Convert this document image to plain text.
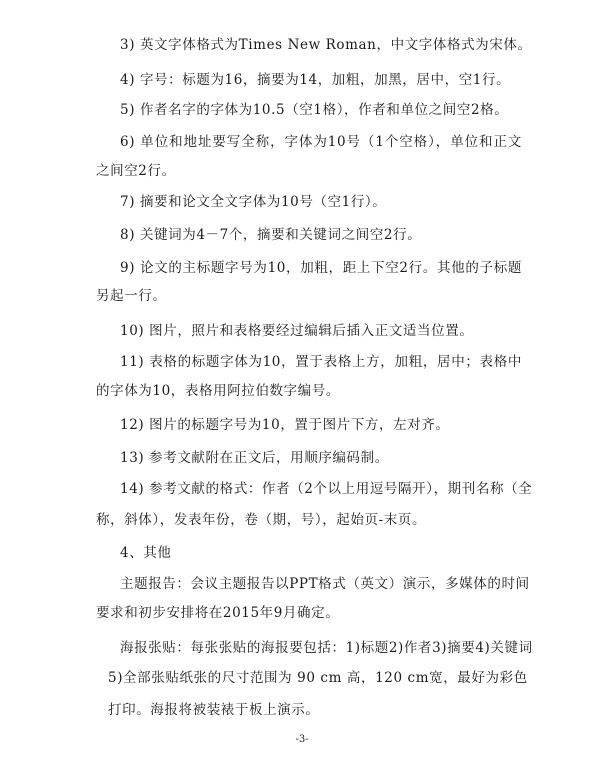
3) 英文字体格式为Times New Roman，中文字体格式为宋体。
4) 字号：标题为16，摘要为14，加粗，加黑，居中，空1行。
5) 作者名字的字体为10.5（空1格），作者和单位之间空2格。
6) 单位和地址要写全称，字体为10号（1个空格），单位和正文
之间空2行。
7) 摘要和论文全文字体为10号（空1行）。
8) 关键词为4－7个，摘要和关键词之间空2行。
9) 论文的主标题字号为10，加粗，距上下空2行。其他的子标题
另起一行。
10) 图片，照片和表格要经过编辑后插入正文适当位置。
11) 表格的标题字体为10，置于表格上方，加粗，居中；表格中
的字体为10，表格用阿拉伯数字编号。
12) 图片的标题字号为10，置于图片下方，左对齐。
13) 参考文献附在正文后，用顺序编码制。
14) 参考文献的格式：作者（2个以上用逗号隔开），期刊名称（全
称，斜体），发表年份，卷（期，号），起始页-末页。
4、其他
主题报告：会议主题报告以PPT格式（英文）演示，多媒体的时间
要求和初步安排将在2015年9月确定。
海报张贴：每张张贴的海报要包括：1)标题2)作者3)摘要4)关键词
5)全部张贴纸张的尺寸范围为 90 cm 高，120 cm宽，最好为彩色
打印。海报将被装裱于板上演示。
-3-
